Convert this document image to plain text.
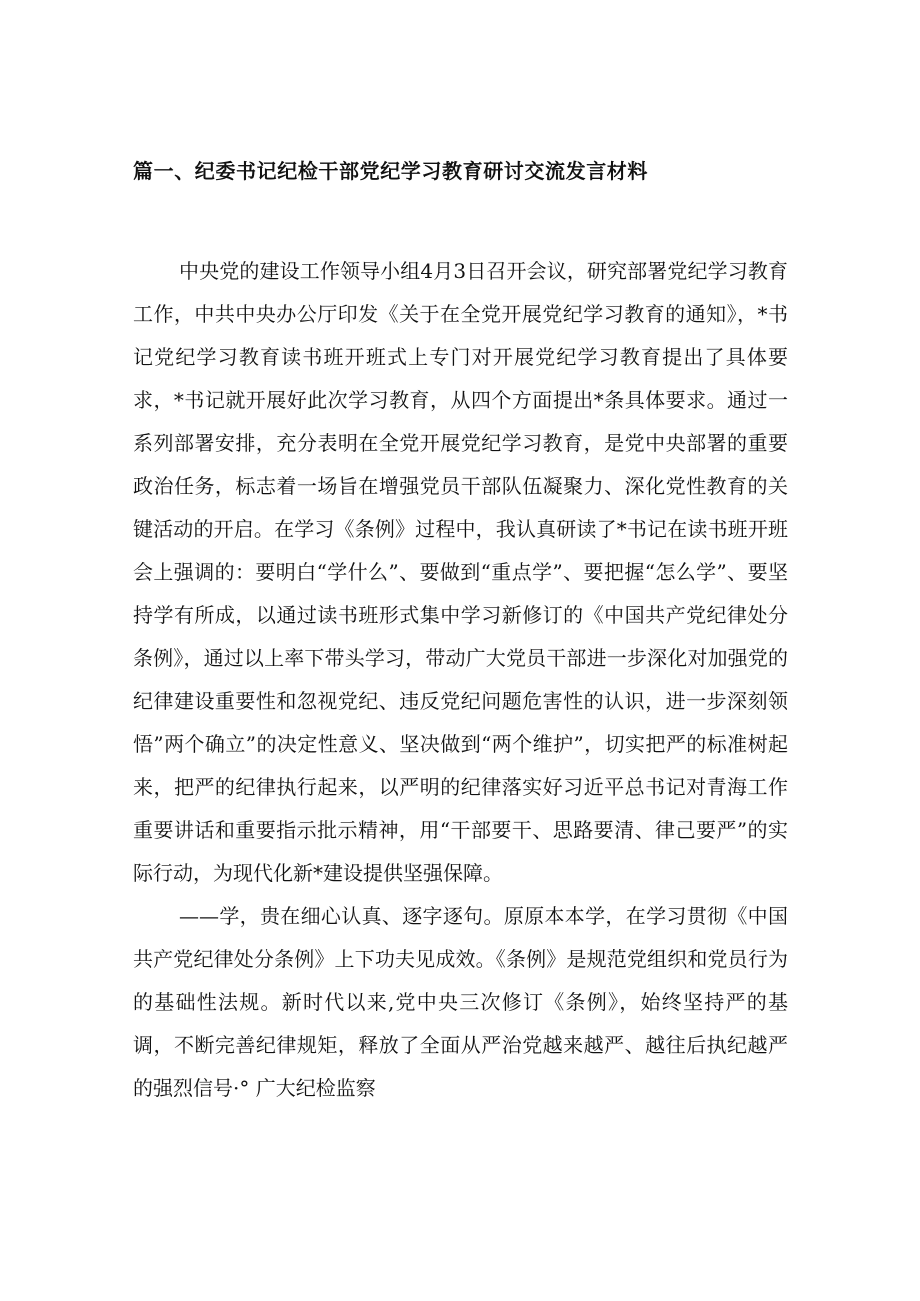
篇一、纪委书记纪检干部党纪学习教育研讨交流发言材料

中央党的建设工作领导小组4月3日召开会议，研究部署党纪学习教育工作，中共中央办公厅印发《关于在全党开展党纪学习教育的通知》，*书记党纪学习教育读书班开班式上专门对开展党纪学习教育提出了具体要求，*书记就开展好此次学习教育，从四个方面提出*条具体要求。通过一系列部署安排，充分表明在全党开展党纪学习教育，是党中央部署的重要政治任务，标志着一场旨在增强党员干部队伍凝聚力、深化党性教育的关键活动的开启。在学习《条例》过程中，我认真研读了*书记在读书班开班会上强调的：要明白“学什么”、要做到“重点学”、要把握“怎么学”、要坚持学有所成，以通过读书班形式集中学习新修订的《中国共产党纪律处分条例》，通过以上率下带头学习，带动广大党员干部进一步深化对加强党的纪律建设重要性和忽视党纪、违反党纪问题危害性的认识，进一步深刻领悟”两个确立”的决定性意义、坚决做到“两个维护”，切实把严的标准树起来，把严的纪律执行起来，以严明的纪律落实好习近平总书记对青海工作重要讲话和重要指示批示精神，用“干部要干、思路要清、律己要严”的实际行动，为现代化新*建设提供坚强保障。

——学，贵在细心认真、逐字逐句。原原本本学，在学习贯彻《中国共产党纪律处分条例》上下功夫见成效。《条例》是规范党组织和党员行为的基础性法规。新时代以来,党中央三次修订《条例》，始终坚持严的基调，不断完善纪律规矩，释放了全面从严治党越来越严、越往后执纪越严的强烈信号·° 广大纪检监察
